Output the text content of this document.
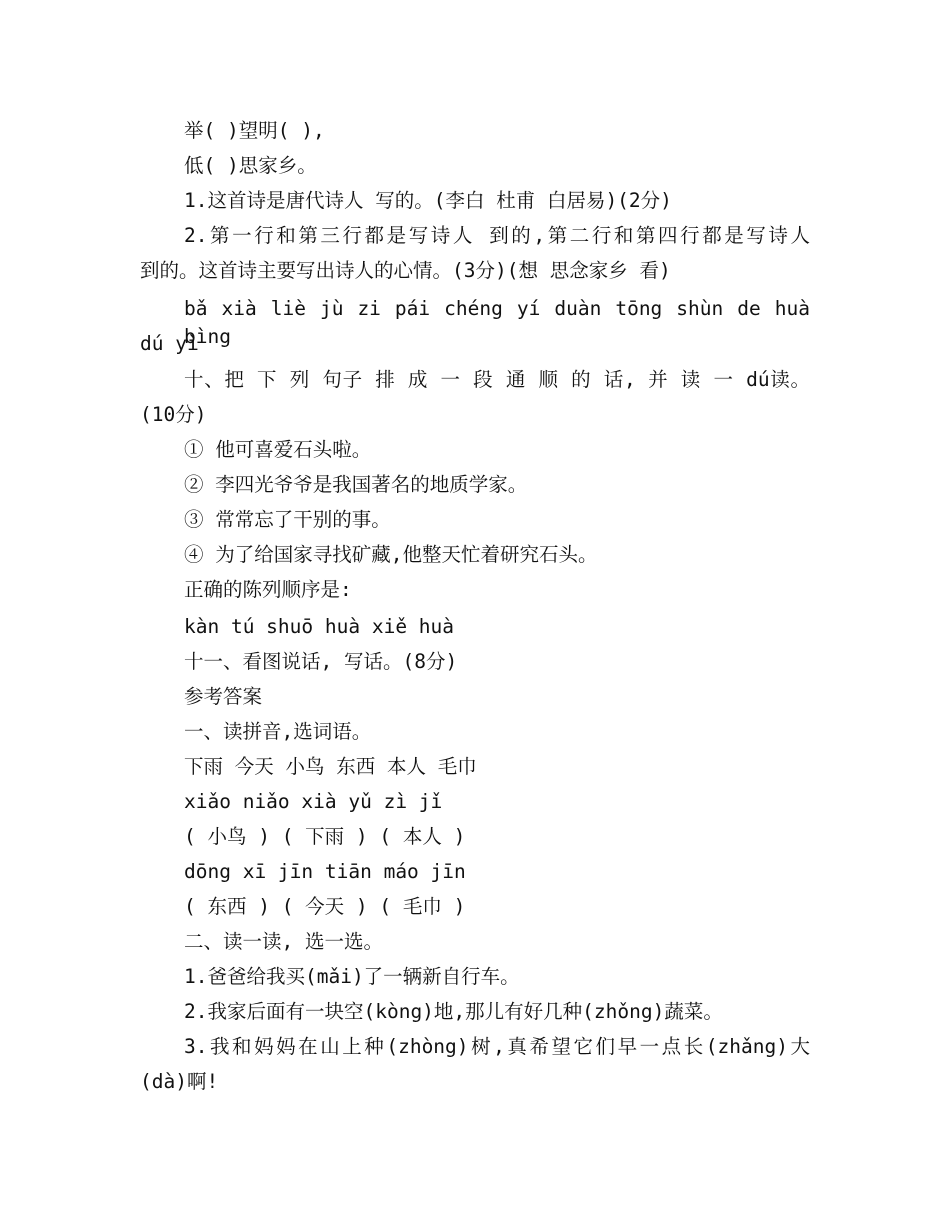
举( )望明( ),
低( )思家乡。
1.这首诗是唐代诗人 写的。(李白 杜甫 白居易)(2分)
2.第一行和第三行都是写诗人 到的,第二行和第四行都是写诗人
到的。这首诗主要写出诗人的心情。(3分)(想 思念家乡 看)
bǎ xià liè jù zi pái chéng yí duàn tōng shùn de huà bìng
dú yì
十、把 下 列 句子 排 成 一 段 通 顺 的 话, 并 读 一 dú读。
(10分)
① 他可喜爱石头啦。
② 李四光爷爷是我国著名的地质学家。
③ 常常忘了干别的事。
④ 为了给国家寻找矿藏,他整天忙着研究石头。
正确的陈列顺序是:
kàn tú shuō huà xiě huà
十一、看图说话, 写话。(8分)
参考答案
一、读拼音,选词语。
下雨 今天 小鸟 东西 本人 毛巾
xiǎo niǎo xià yǔ zì jǐ
( 小鸟 ) ( 下雨 ) ( 本人 )
dōng xī jīn tiān máo jīn
( 东西 ) ( 今天 ) ( 毛巾 )
二、读一读, 选一选。
1.爸爸给我买(mǎi)了一辆新自行车。
2.我家后面有一块空(kòng)地,那儿有好几种(zhǒng)蔬菜。
3.我和妈妈在山上种(zhòng)树,真希望它们早一点长(zhǎng)大
(dà)啊!
